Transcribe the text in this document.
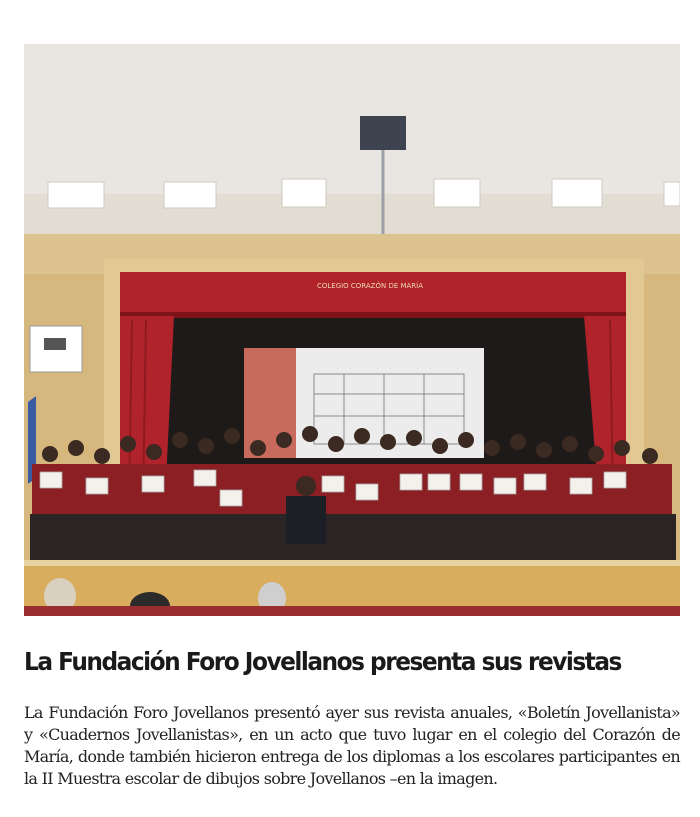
COLEGIO CORAZÓN DE MARÍA
La Fundación Foro Jovellanos presenta sus revistas

La Fundación Foro Jovellanos presentó ayer sus revista anuales, «Boletín Jovellanista» y «Cuadernos Jovellanistas», en un acto que tuvo lugar en el colegio del Corazón de María, donde también hicieron entrega de los diplomas a los escolares participantes en la II Muestra escolar de dibujos sobre Jovellanos –en la imagen.
